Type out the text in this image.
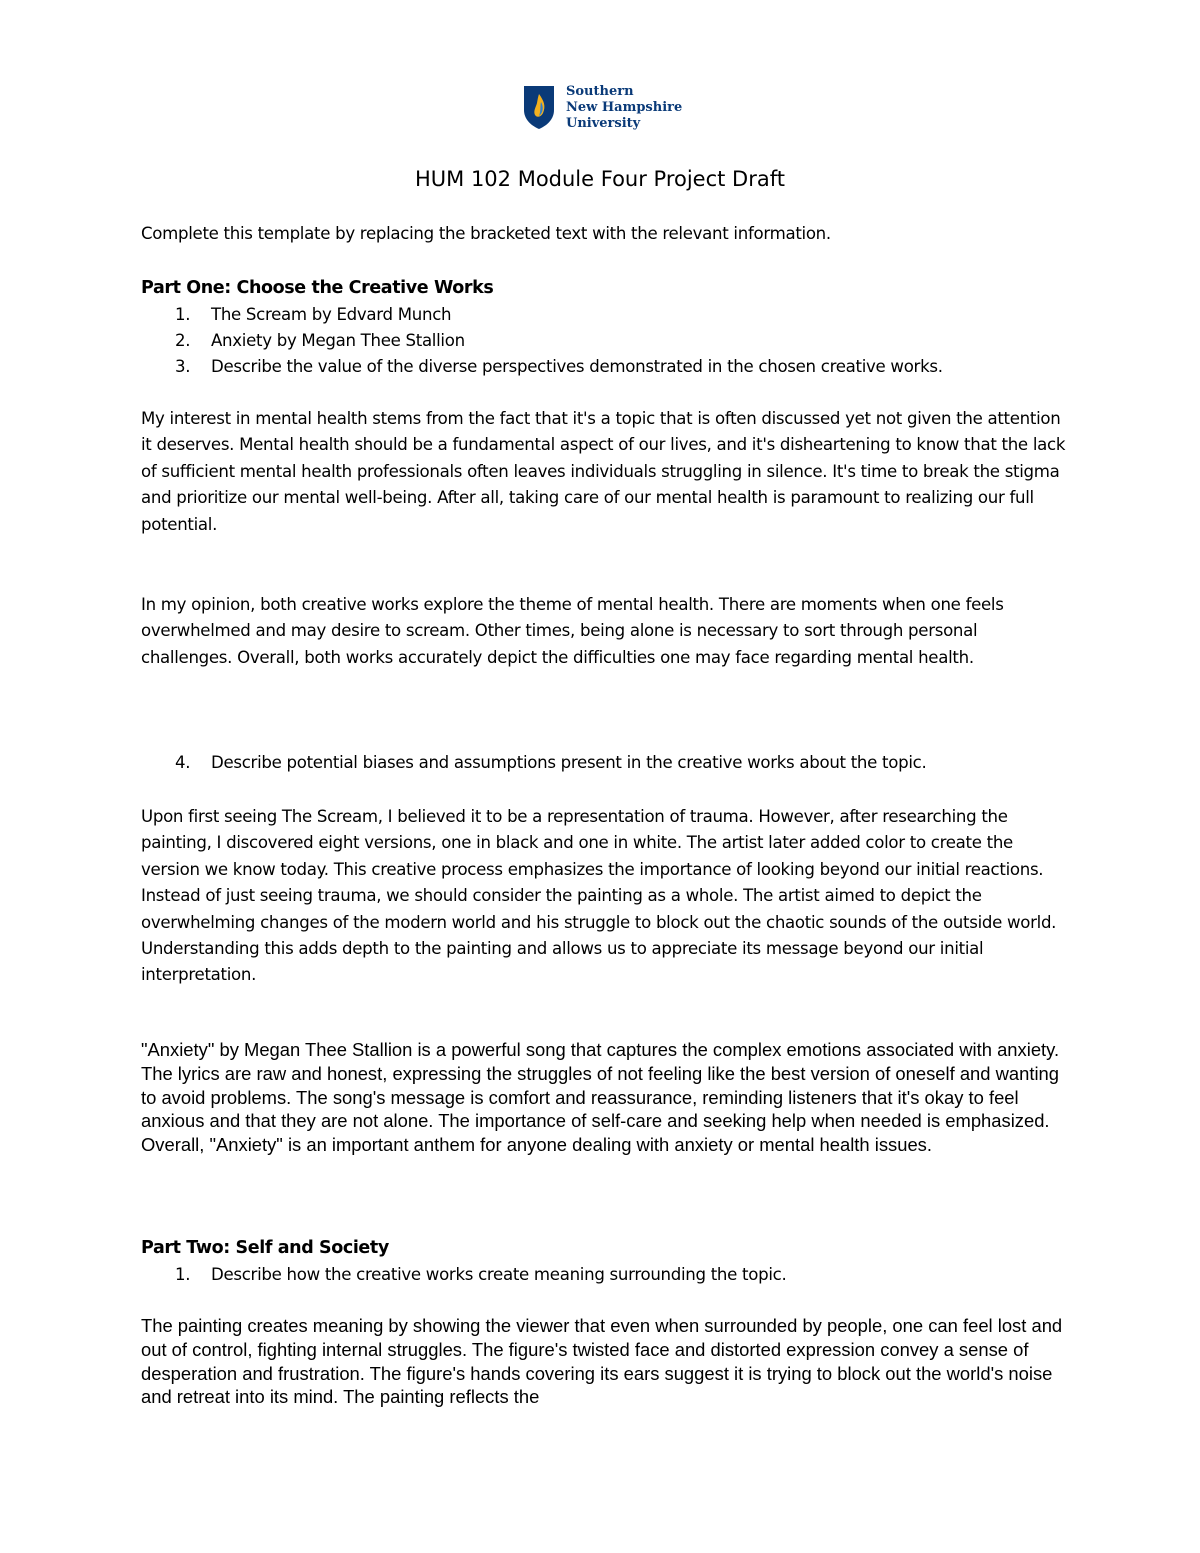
Southern
New Hampshire
University
HUM 102 Module Four Project Draft

Complete this template by replacing the bracketed text with the relevant information.

Part One: Choose the Creative Works
1. The Scream by Edvard Munch
2. Anxiety by Megan Thee Stallion
3. Describe the value of the diverse perspectives demonstrated in the chosen creative works.

My interest in mental health stems from the fact that it's a topic that is often discussed yet not given the attention it deserves. Mental health should be a fundamental aspect of our lives, and it's disheartening to know that the lack of sufficient mental health professionals often leaves individuals struggling in silence. It's time to break the stigma and prioritize our mental well-being. After all, taking care of our mental health is paramount to realizing our full potential.

In my opinion, both creative works explore the theme of mental health. There are moments when one feels overwhelmed and may desire to scream. Other times, being alone is necessary to sort through personal challenges. Overall, both works accurately depict the difficulties one may face regarding mental health.

4. Describe potential biases and assumptions present in the creative works about the topic.

Upon first seeing The Scream, I believed it to be a representation of trauma. However, after researching the painting, I discovered eight versions, one in black and one in white. The artist later added color to create the version we know today. This creative process emphasizes the importance of looking beyond our initial reactions. Instead of just seeing trauma, we should consider the painting as a whole. The artist aimed to depict the overwhelming changes of the modern world and his struggle to block out the chaotic sounds of the outside world. Understanding this adds depth to the painting and allows us to appreciate its message beyond our initial interpretation.

"Anxiety" by Megan Thee Stallion is a powerful song that captures the complex emotions associated with anxiety. The lyrics are raw and honest, expressing the struggles of not feeling like the best version of oneself and wanting to avoid problems. The song's message is comfort and reassurance, reminding listeners that it's okay to feel anxious and that they are not alone. The importance of self-care and seeking help when needed is emphasized. Overall, "Anxiety" is an important anthem for anyone dealing with anxiety or mental health issues.

Part Two: Self and Society
1. Describe how the creative works create meaning surrounding the topic.

The painting creates meaning by showing the viewer that even when surrounded by people, one can feel lost and out of control, fighting internal struggles. The figure's twisted face and distorted expression convey a sense of desperation and frustration. The figure's hands covering its ears suggest it is trying to block out the world's noise and retreat into its mind. The painting reflects the
